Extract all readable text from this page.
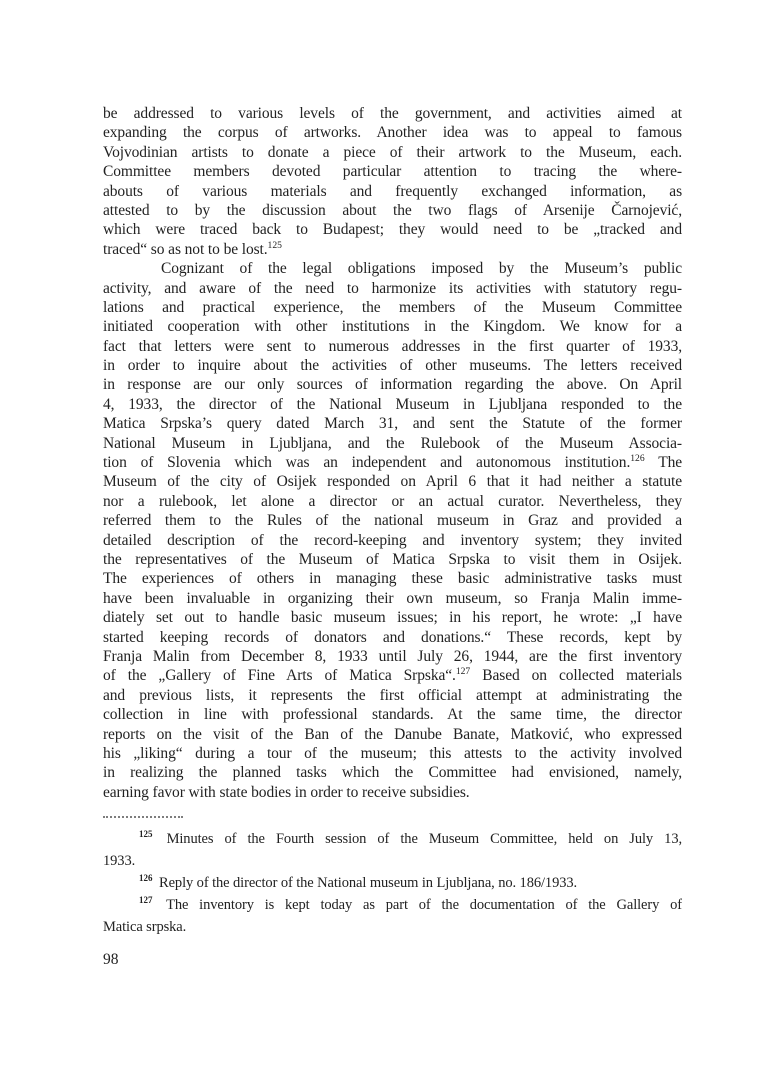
be addressed to various levels of the government, and activities aimed at
expanding the corpus of artworks. Another idea was to appeal to famous
Vojvodinian artists to donate a piece of their artwork to the Museum, each.
Committee members devoted particular attention to tracing the where-
abouts of various materials and frequently exchanged information, as
attested to by the discussion about the two flags of Arsenije Čarnojević,
which were traced back to Budapest; they would need to be „tracked and
traced“ so as not to be lost.$^{125}$
Cognizant of the legal obligations imposed by the Museum’s public
activity, and aware of the need to harmonize its activities with statutory regu-
lations and practical experience, the members of the Museum Committee
initiated cooperation with other institutions in the Kingdom. We know for a
fact that letters were sent to numerous addresses in the first quarter of 1933,
in order to inquire about the activities of other museums. The letters received
in response are our only sources of information regarding the above. On April
4, 1933, the director of the National Museum in Ljubljana responded to the
Matica Srpska’s query dated March 31, and sent the Statute of the former
National Museum in Ljubljana, and the Rulebook of the Museum Associa-
tion of Slovenia which was an independent and autonomous institution.$^{126}$ The
Museum of the city of Osijek responded on April 6 that it had neither a statute
nor a rulebook, let alone a director or an actual curator. Nevertheless, they
referred them to the Rules of the national museum in Graz and provided a
detailed description of the record-keeping and inventory system; they invited
the representatives of the Museum of Matica Srpska to visit them in Osijek.
The experiences of others in managing these basic administrative tasks must
have been invaluable in organizing their own museum, so Franja Malin imme-
diately set out to handle basic museum issues; in his report, he wrote: „I have
started keeping records of donators and donations.“ These records, kept by
Franja Malin from December 8, 1933 until July 26, 1944, are the first inventory
of the „Gallery of Fine Arts of Matica Srpska“.$^{127}$ Based on collected materials
and previous lists, it represents the first official attempt at administrating the
collection in line with professional standards. At the same time, the director
reports on the visit of the Ban of the Danube Banate, Matković, who expressed
his „liking“ during a tour of the museum; this attests to the activity involved
in realizing the planned tasks which the Committee had envisioned, namely,
earning favor with state bodies in order to receive subsidies.
$^{125}$ Minutes of the Fourth session of the Museum Committee, held on July 13,
1933.
$^{126}$ Reply of the director of the National museum in Ljubljana, no. 186/1933.
$^{127}$ The inventory is kept today as part of the documentation of the Gallery of
Matica srpska.
98
